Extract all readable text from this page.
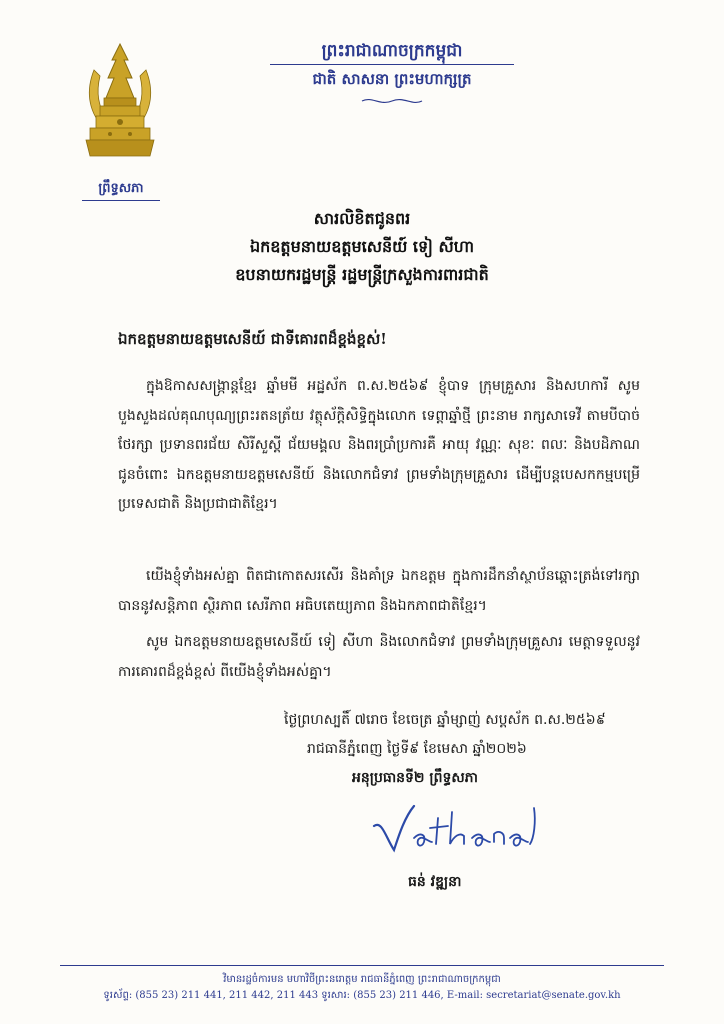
ព្រឹទ្ធសភា
ព្រះរាជាណាចក្រកម្ពុជា
ជាតិ សាសនា ព្រះមហាក្សត្រ
សារលិខិតជូនពរ
ឯកឧត្តមនាយឧត្តមសេនីយ៍ ទៀ សីហា
ឧបនាយករដ្ឋមន្ត្រី រដ្ឋមន្ត្រីក្រសួងការពារជាតិ
ឯកឧត្តមនាយឧត្តមសេនីយ៍ ជាទីគោរពដ៏ខ្ពង់ខ្ពស់!

ក្នុងឱកាសសង្ក្រាន្តខ្មែរ ឆ្នាំមមី អដ្ឋស័ក ព.ស.២៥៦៩ ខ្ញុំបាទ ក្រុមគ្រួសារ និងសហការី សូមបួងសួងដល់គុណបុណ្យព្រះរតនត្រ័យ វត្ថុស័ក្តិសិទ្ធិក្នុងលោក ទេព្តាឆ្នាំថ្មី ព្រះនាម រាក្សសាទេវី តាមបីបាច់ថែរក្សា ប្រទានពរជ័យ សិរីសួស្តី ជ័យមង្គល និងពរប្រាំប្រការគឺ អាយុ វណ្ណៈ សុខៈ ពលៈ និងបដិភាណ ជូនចំពោះ ឯកឧត្តមនាយឧត្តមសេនីយ៍ និងលោកជំទាវ ព្រមទាំងក្រុមគ្រួសារ ដើម្បីបន្តបេសកកម្មបម្រើប្រទេសជាតិ និងប្រជាជាតិខ្មែរ។

យើងខ្ញុំទាំងអស់គ្នា ពិតជាកោតសរសើរ និងគាំទ្រ ឯកឧត្តម ក្នុងការដឹកនាំស្ថាប័នឆ្ពោះត្រង់ទៅរក្សាបាននូវសន្តិភាព ស្ថិរភាព សេរីភាព អធិបតេយ្យភាព និងឯកភាពជាតិខ្មែរ។

សូម ឯកឧត្តមនាយឧត្តមសេនីយ៍ ទៀ សីហា និងលោកជំទាវ ព្រមទាំងក្រុមគ្រួសារ មេត្តាទទួលនូវការគោរពដ៏ខ្ពង់ខ្ពស់ ពីយើងខ្ញុំទាំងអស់គ្នា។

ថ្ងៃព្រហស្បតិ៍ ៧រោច ខែចេត្រ ឆ្នាំម្សាញ់ សប្តស័ក ព.ស.២៥៦៩
រាជធានីភ្នំពេញ ថ្ងៃទី៩ ខែមេសា ឆ្នាំ២០២៦
អនុប្រធានទី២ ព្រឹទ្ធសភា
Vathana
ធន់ វឌ្ឍនា
វិមានរដ្ឋចំការមន មហាវិថីព្រះនរោត្តម រាជធានីភ្នំពេញ ព្រះរាជាណាចក្រកម្ពុជា
ទូរស័ព្ទ: (855 23) 211 441, 211 442, 211 443 ទូរសារ: (855 23) 211 446, E-mail: secretariat@senate.gov.kh
